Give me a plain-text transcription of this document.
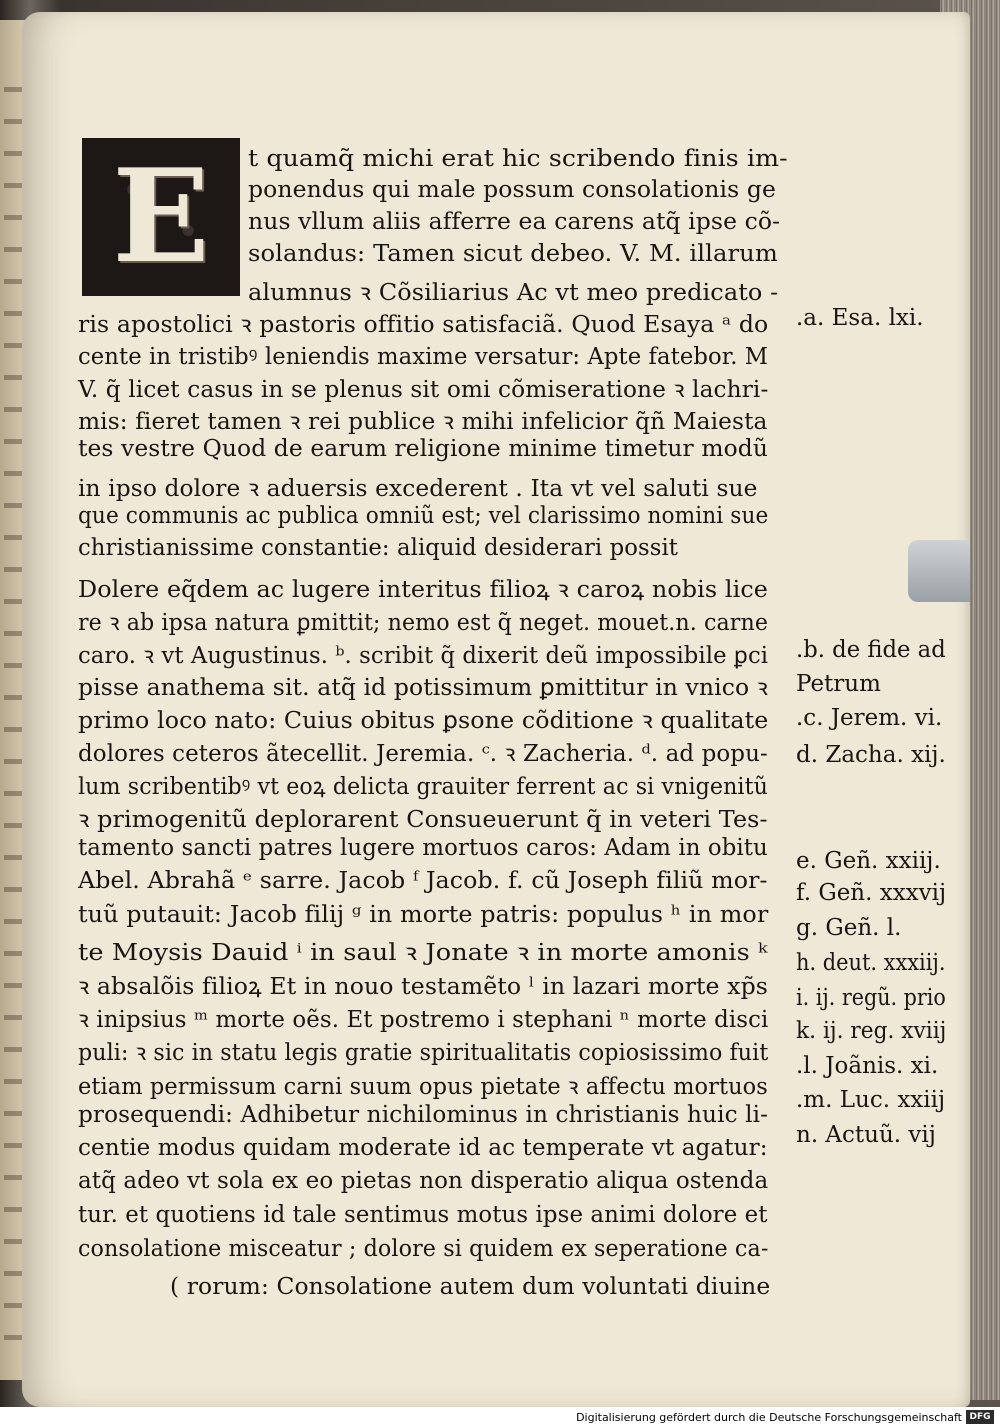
E	t quamq̃ michi erat hic scribendo finis im-
ponendus qui male possum consolationis ge
nus vllum aliis afferre ea carens atq̃ ipse cõ-
solandus: Tamen sicut debeo. V. M. illarum
alumnus ꝛ Cõsiliarius Ac vt meo predicato -
ris apostolici ꝛ pastoris offitio satisfaciã. Quod Esaya ᵃ do
cente in tristibꝰ leniendis maxime versatur: Apte fatebor. M
V. q̃ licet casus in se plenus sit omi cõmiseratione ꝛ lachri-
mis: fieret tamen ꝛ rei publice ꝛ mihi infelicior q̃ñ Maiesta
tes vestre Quod de earum religione minime timetur modũ
in ipso dolore ꝛ aduersis excederent . Ita vt vel saluti sue
que communis ac publica omniũ est; vel clarissimo nomini sue
christianissime constantie: aliquid desiderari possit
Dolere eq̃dem ac lugere interitus filioꝝ ꝛ caroꝝ nobis lice
re ꝛ ab ipsa natura ꝑmittit; nemo est q̃ neget. mouet.n. carne
caro. ꝛ vt Augustinus. ᵇ. scribit q̃ dixerit deũ impossibile ꝑci
pisse anathema sit. atq̃ id potissimum ꝑmittitur in vnico ꝛ
primo loco nato: Cuius obitus ꝑsone cõditione ꝛ qualitate
dolores ceteros ãtecellit. Jeremia. ᶜ. ꝛ Zacheria. ᵈ. ad popu-
lum scribentibꝰ vt eoꝝ delicta grauiter ferrent ac si vnigenitũ
ꝛ primogenitũ deplorarent Consueuerunt q̃ in veteri Tes-
tamento sancti patres lugere mortuos caros: Adam in obitu
Abel. Abrahã ᵉ sarre. Jacob ᶠ Jacob. f. cũ Joseph filiũ mor-
tuũ putauit: Jacob filij ᵍ in morte patris: populus ʰ in mor
te Moysis Dauid ⁱ in saul ꝛ Jonate ꝛ in morte amonis ᵏ
ꝛ absalõis filioꝝ Et in nouo testamẽto ˡ in lazari morte xp̃s
ꝛ inipsius ᵐ morte oẽs. Et postremo i stephani ⁿ morte disci
puli: ꝛ sic in statu legis gratie spiritualitatis copiosissimo fuit
etiam permissum carni suum opus pietate ꝛ affectu mortuos
prosequendi: Adhibetur nichilominus in christianis huic li-
centie modus quidam moderate id ac temperate vt agatur:
atq̃ adeo vt sola ex eo pietas non disperatio aliqua ostenda
tur. et quotiens id tale sentimus motus ipse animi dolore et
consolatione misceatur ; dolore si quidem ex seperatione ca-
( rorum: Consolatione autem dum voluntati diuine
.a. Esa. lxi.
.b. de fide ad
Petrum
.c. Jerem. vi.
d. Zacha. xij.
e. Geñ. xxiij.
f. Geñ. xxxvij
g. Geñ. l.
h. deut. xxxiij.
i. ij. regũ. prio
k. ij. reg. xviij
.l. Joãnis. xi.
.m. Luc. xxiij
n. Actuũ. vij
Digitalisierung gefördert durch die Deutsche Forschungsgemeinschaft DFG
